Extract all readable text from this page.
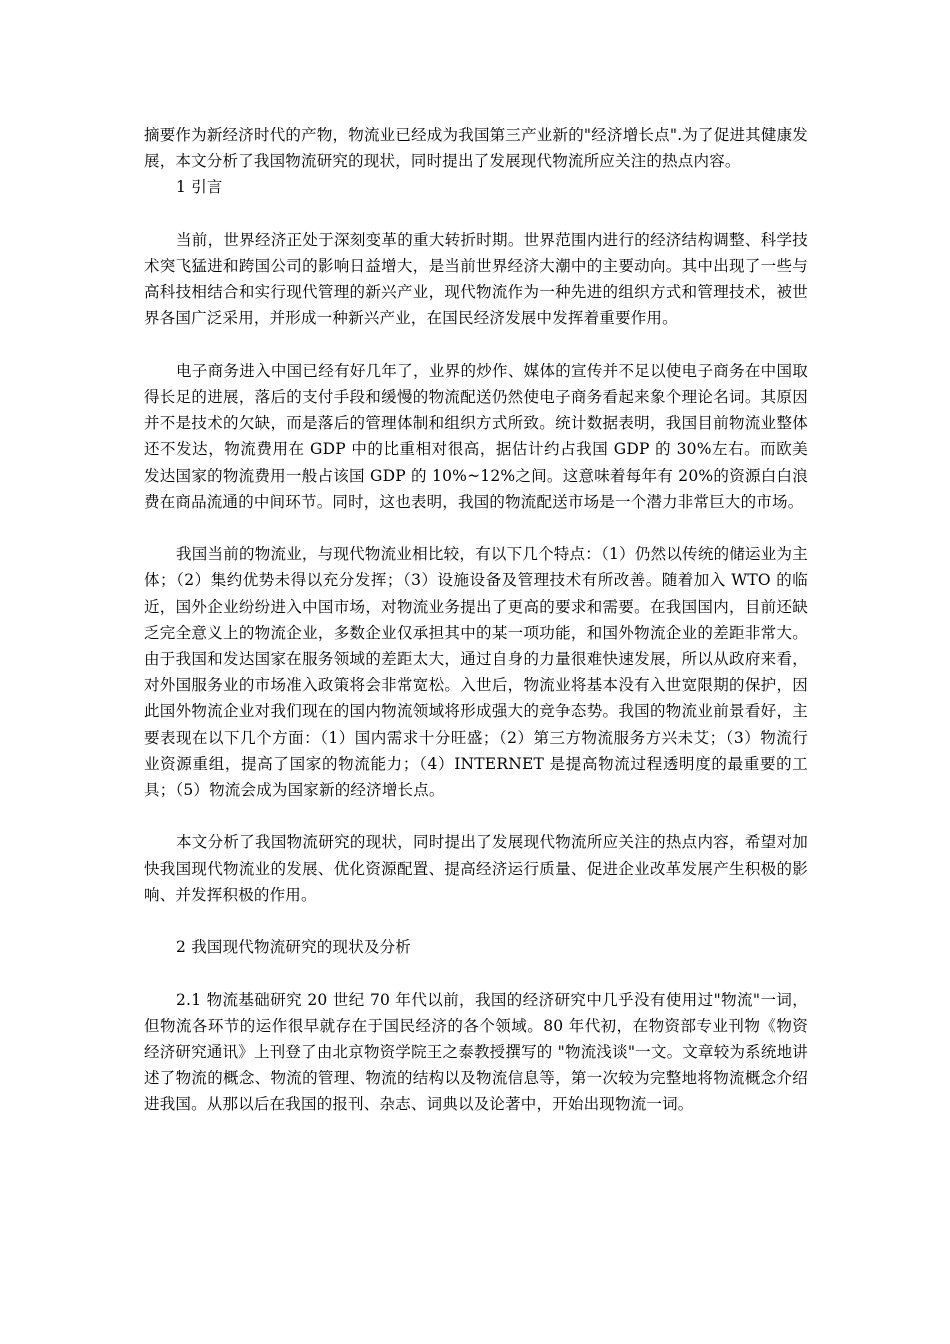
摘要作为新经济时代的产物，物流业已经成为我国第三产业新的"经济增长点".为了促进其健康发展，本文分析了我国物流研究的现状，同时提出了发展现代物流所应关注的热点内容。

1 引言

当前，世界经济正处于深刻变革的重大转折时期。世界范围内进行的经济结构调整、科学技术突飞猛进和跨国公司的影响日益增大，是当前世界经济大潮中的主要动向。其中出现了一些与高科技相结合和实行现代管理的新兴产业，现代物流作为一种先进的组织方式和管理技术，被世界各国广泛采用，并形成一种新兴产业，在国民经济发展中发挥着重要作用。

电子商务进入中国已经有好几年了，业界的炒作、媒体的宣传并不足以使电子商务在中国取得长足的进展，落后的支付手段和缓慢的物流配送仍然使电子商务看起来象个理论名词。其原因并不是技术的欠缺，而是落后的管理体制和组织方式所致。统计数据表明，我国目前物流业整体还不发达，物流费用在 GDP 中的比重相对很高，据估计约占我国 GDP 的 30%左右。而欧美发达国家的物流费用一般占该国 GDP 的 10%~12%之间。这意味着每年有 20%的资源白白浪费在商品流通的中间环节。同时，这也表明，我国的物流配送市场是一个潜力非常巨大的市场。

我国当前的物流业，与现代物流业相比较，有以下几个特点：（1）仍然以传统的储运业为主体；（2）集约优势未得以充分发挥；（3）设施设备及管理技术有所改善。随着加入 WTO 的临近，国外企业纷纷进入中国市场，对物流业务提出了更高的要求和需要。在我国国内，目前还缺乏完全意义上的物流企业，多数企业仅承担其中的某一项功能，和国外物流企业的差距非常大。由于我国和发达国家在服务领域的差距太大，通过自身的力量很难快速发展，所以从政府来看，对外国服务业的市场准入政策将会非常宽松。入世后，物流业将基本没有入世宽限期的保护，因此国外物流企业对我们现在的国内物流领域将形成强大的竞争态势。我国的物流业前景看好，主要表现在以下几个方面：（1）国内需求十分旺盛；（2）第三方物流服务方兴未艾；（3）物流行业资源重组，提高了国家的物流能力；（4）INTERNET 是提高物流过程透明度的最重要的工具；（5）物流会成为国家新的经济增长点。

本文分析了我国物流研究的现状，同时提出了发展现代物流所应关注的热点内容，希望对加快我国现代物流业的发展、优化资源配置、提高经济运行质量、促进企业改革发展产生积极的影响、并发挥积极的作用。

2 我国现代物流研究的现状及分析

2.1 物流基础研究 20 世纪 70 年代以前，我国的经济研究中几乎没有使用过"物流"一词，但物流各环节的运作很早就存在于国民经济的各个领域。80 年代初，在物资部专业刊物《物资经济研究通讯》上刊登了由北京物资学院王之泰教授撰写的 "物流浅谈"一文。文章较为系统地讲述了物流的概念、物流的管理、物流的结构以及物流信息等，第一次较为完整地将物流概念介绍进我国。从那以后在我国的报刊、杂志、词典以及论著中，开始出现物流一词。
